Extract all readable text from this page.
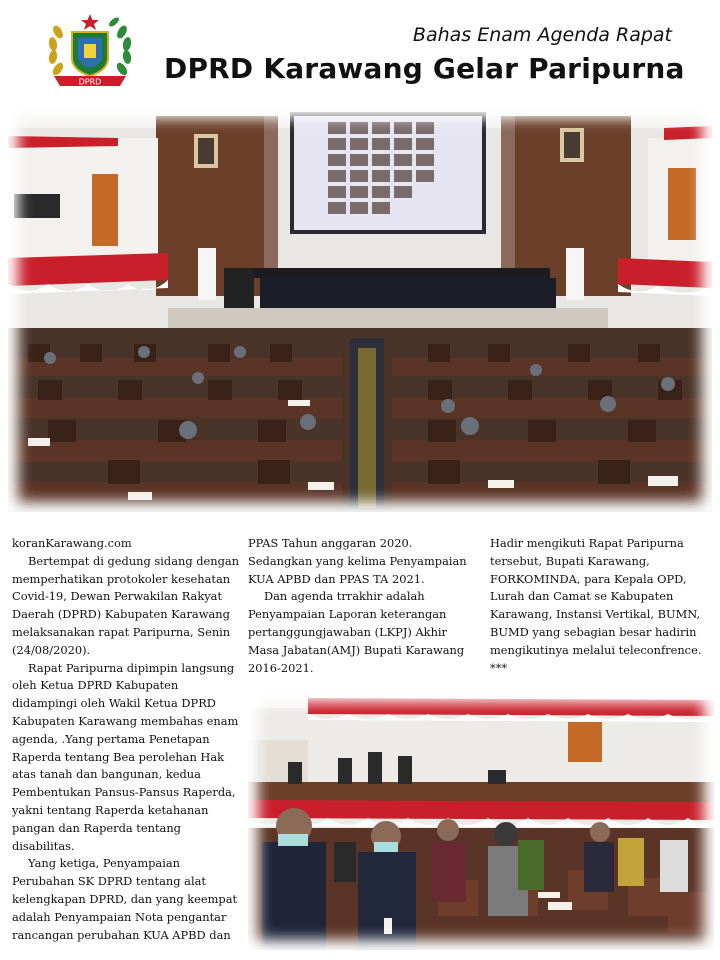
DPRD
Bahas Enam Agenda Rapat
DPRD Karawang Gelar Paripurna

koranKarawang.com

Bertempat di gedung sidang dengan memperhatikan protokoler kesehatan Covid-19, Dewan Perwakilan Rakyat Daerah (DPRD) Kabupaten Karawang melaksanakan rapat Paripurna, Senin (24/08/2020).

Rapat Paripurna dipimpin langsung oleh Ketua DPRD Kabupaten didampingi oleh Wakil Ketua DPRD Kabupaten Karawang membahas enam agenda, .Yang pertama Penetapan Raperda tentang Bea perolehan Hak atas tanah dan bangunan, kedua Pembentukan Pansus-Pansus Raperda, yakni tentang Raperda ketahanan pangan dan Raperda tentang disabilitas.

Yang ketiga, Penyampaian Perubahan SK DPRD tentang alat kelengkapan DPRD, dan yang keempat adalah Penyampaian Nota pengantar rancangan perubahan KUA APBD dan

PPAS Tahun anggaran 2020. Sedangkan yang kelima Penyampaian KUA APBD dan PPAS TA 2021.

Dan agenda trrakhir adalah Penyampaian Laporan keterangan pertanggungjawaban (LKPJ) Akhir Masa Jabatan(AMJ) Bupati Karawang 2016-2021.

Hadir mengikuti Rapat Paripurna tersebut, Bupati Karawang, FORKOMINDA, para Kepala OPD, Lurah dan Camat se Kabupaten Karawang, Instansi Vertikal, BUMN, BUMD yang sebagian besar hadirin mengikutinya melalui teleconfrence.

***
